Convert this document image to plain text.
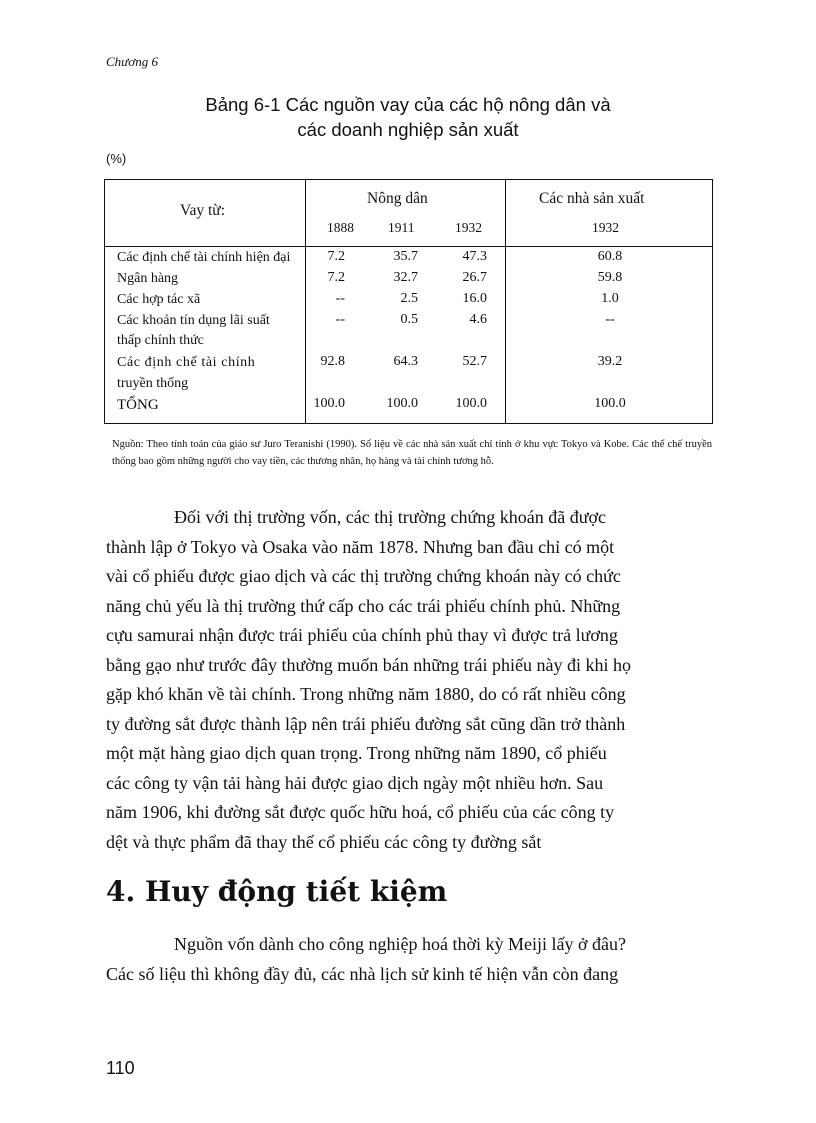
Chương 6
Bảng 6-1 Các nguồn vay của các hộ nông dân và
các doanh nghiệp sản xuất
(%)
Vay từ:
Nông dân	Các nhà sản xuất
1888	1911	1932	1932
Các định chế tài chính hiện đại	7.2	35.7	47.3	60.8
Ngân hàng	7.2	32.7	26.7	59.8
Các hợp tác xã	--	2.5	16.0	1.0
Các khoản tín dụng lãi suất
thấp chính thức
--	0.5	4.6	--
Các định chế tài chính
truyền thống
92.8	64.3	52.7	39.2
TỔNG	100.0	100.0	100.0	100.0
Nguồn: Theo tính toán của giáo sư Juro Teranishi (1990). Số liệu về các nhà sản xuất chỉ tính ở khu vực Tokyo và Kobe. Các thể chế truyền thống bao gồm những người cho vay tiền, các thương nhân, họ hàng và tài chính tương hỗ.
Đối với thị trường vốn, các thị trường chứng khoán đã được
thành lập ở Tokyo và Osaka vào năm 1878. Nhưng ban đầu chỉ có một
vài cổ phiếu được giao dịch và các thị trường chứng khoán này có chức
năng chủ yếu là thị trường thứ cấp cho các trái phiếu chính phủ. Những
cựu samurai nhận được trái phiếu của chính phủ thay vì được trả lương
bằng gạo như trước đây thường muốn bán những trái phiếu này đi khi họ
gặp khó khăn về tài chính. Trong những năm 1880, do có rất nhiều công
ty đường sắt được thành lập nên trái phiếu đường sắt cũng dần trở thành
một mặt hàng giao dịch quan trọng. Trong những năm 1890, cổ phiếu
các công ty vận tải hàng hải được giao dịch ngày một nhiều hơn. Sau
năm 1906, khi đường sắt được quốc hữu hoá, cổ phiếu của các công ty
dệt và thực phẩm đã thay thế cổ phiếu các công ty đường sắt
4. Huy động tiết kiệm
Nguồn vốn dành cho công nghiệp hoá thời kỳ Meiji lấy ở đâu?
Các số liệu thì không đầy đủ, các nhà lịch sử kinh tế hiện vẫn còn đang
110
